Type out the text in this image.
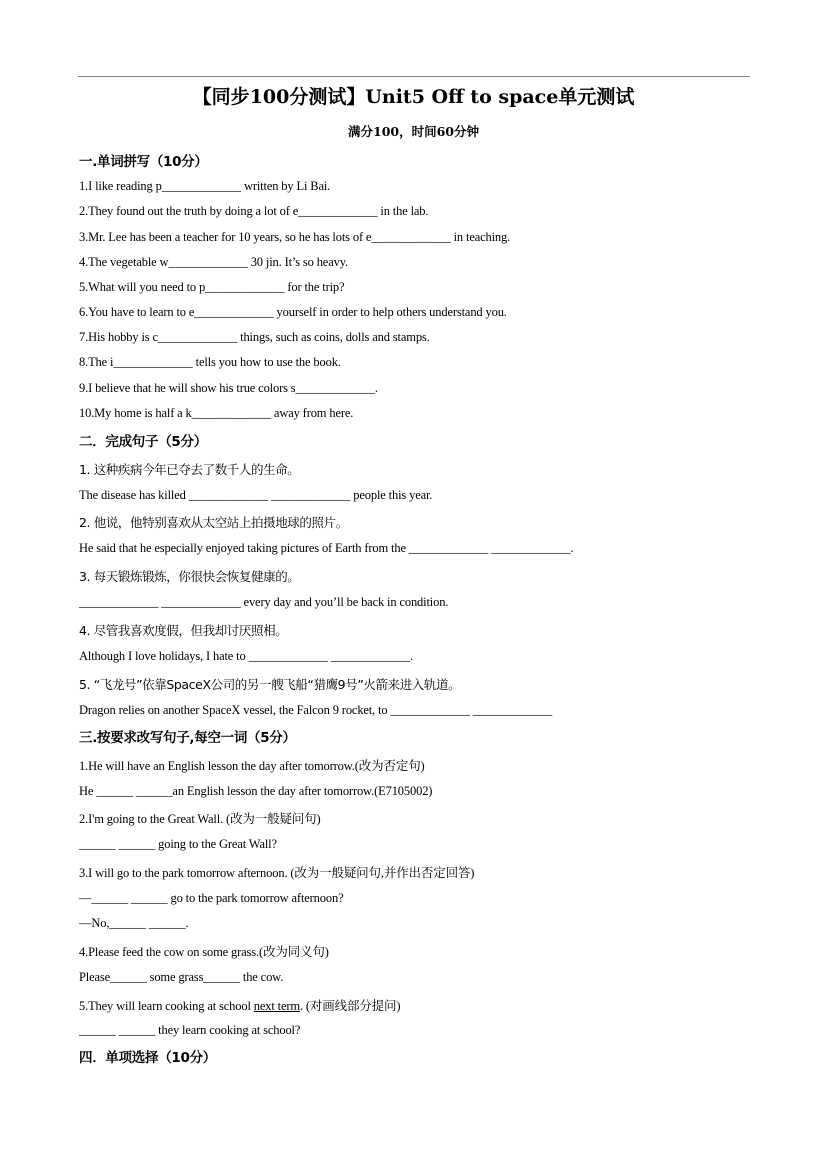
【同步100分测试】Unit5 Off to space单元测试
满分100，时间60分钟
一.单词拼写（10分）
1.I like reading p_____________ written by Li Bai.
2.They found out the truth by doing a lot of e_____________ in the lab.
3.Mr. Lee has been a teacher for 10 years, so he has lots of e_____________ in teaching.
4.The vegetable w_____________ 30 jin. It’s so heavy.
5.What will you need to p_____________ for the trip?
6.You have to learn to e_____________ yourself in order to help others understand you.
7.His hobby is c_____________ things, such as coins, dolls and stamps.
8.The i_____________ tells you how to use the book.
9.I believe that he will show his true colors s_____________.
10.My home is half a k_____________ away from here.
二．完成句子（5分）
1. 这种疾病今年已夺去了数千人的生命。
The disease has killed _____________ _____________ people this year.
2. 他说，他特别喜欢从太空站上拍摄地球的照片。
He said that he especially enjoyed taking pictures of Earth from the _____________ _____________.
3. 每天锻炼锻炼，你很快会恢复健康的。
_____________ _____________ every day and you’ll be back in condition.
4. 尽管我喜欢度假，但我却讨厌照相。
Although I love holidays, I hate to _____________ _____________.
5. “飞龙号”依靠SpaceX公司的另一艘飞船“猎鹰9号”火箭来进入轨道。
Dragon relies on another SpaceX vessel, the Falcon 9 rocket, to _____________ _____________
三.按要求改写句子,每空一词（5分）
1.He will have an English lesson the day after tomorrow.(改为否定句)
He ______ ______an English lesson the day after tomorrow.(E7105002)
2.I'm going to the Great Wall. (改为一般疑问句)
______ ______ going to the Great Wall?
3.I will go to the park tomorrow afternoon. (改为一般疑问句,并作出否定回答)
—______ ______ go to the park tomorrow afternoon?
—No,______ ______.
4.Please feed the cow on some grass.(改为同义句)
Please______ some grass______ the cow.
5.They will learn cooking at school next term. (对画线部分提问)
______ ______ they learn cooking at school?
四．单项选择（10分）
